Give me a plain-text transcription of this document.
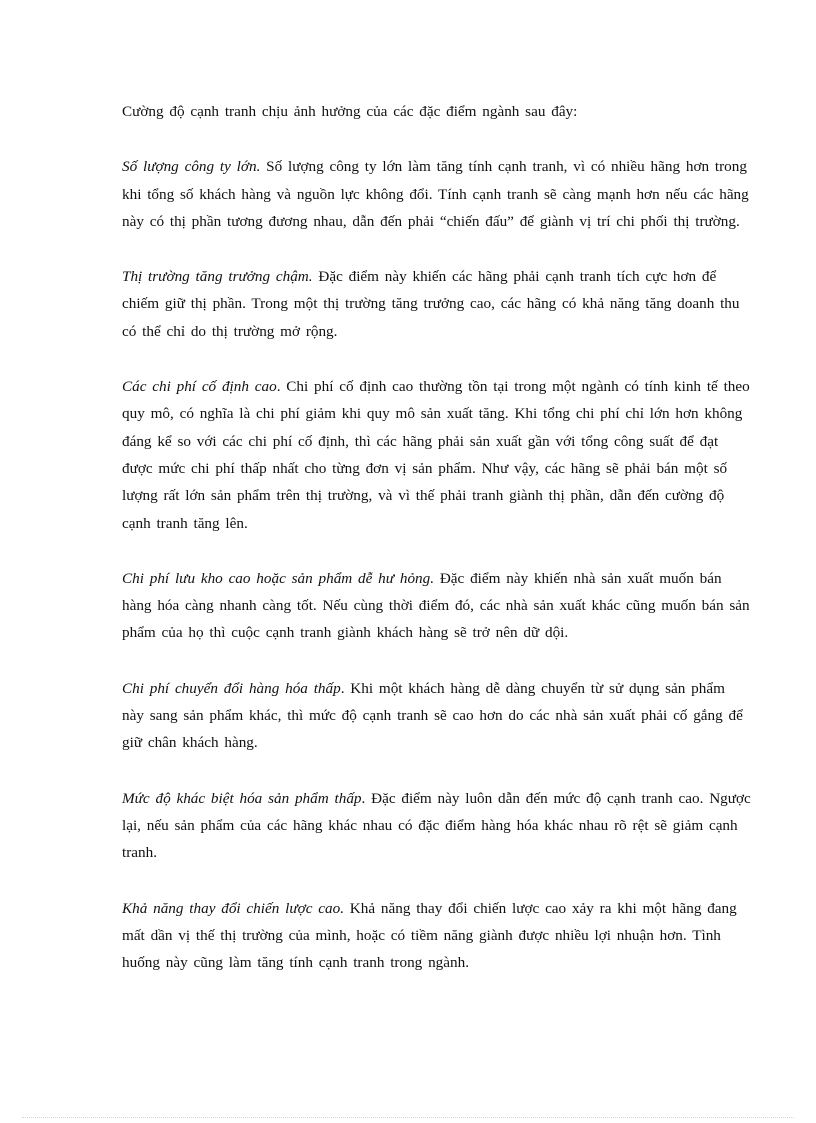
Cường độ cạnh tranh chịu ảnh hưởng của các đặc điểm ngành sau đây:

Số lượng công ty lớn. Số lượng công ty lớn làm tăng tính cạnh tranh, vì có nhiều hãng hơn trong khi tổng số khách hàng và nguồn lực không đổi. Tính cạnh tranh sẽ càng mạnh hơn nếu các hãng này có thị phần tương đương nhau, dẫn đến phải “chiến đấu” để giành vị trí chi phối thị trường.

Thị trường tăng trưởng chậm. Đặc điểm này khiến các hãng phải cạnh tranh tích cực hơn để chiếm giữ thị phần. Trong một thị trường tăng trưởng cao, các hãng có khả năng tăng doanh thu có thể chỉ do thị trường mở rộng.

Các chi phí cố định cao. Chi phí cố định cao thường tồn tại trong một ngành có tính kinh tế theo quy mô, có nghĩa là chi phí giảm khi quy mô sản xuất tăng. Khi tổng chi phí chỉ lớn hơn không đáng kể so với các chi phí cố định, thì các hãng phải sản xuất gần với tổng công suất để đạt được mức chi phí thấp nhất cho từng đơn vị sản phẩm. Như vậy, các hãng sẽ phải bán một số lượng rất lớn sản phẩm trên thị trường, và vì thế phải tranh giành thị phần, dẫn đến cường độ cạnh tranh tăng lên.

Chi phí lưu kho cao hoặc sản phẩm dễ hư hỏng. Đặc điểm này khiến nhà sản xuất muốn bán hàng hóa càng nhanh càng tốt. Nếu cùng thời điểm đó, các nhà sản xuất khác cũng muốn bán sản phẩm của họ thì cuộc cạnh tranh giành khách hàng sẽ trở nên dữ dội.

Chi phí chuyển đổi hàng hóa thấp. Khi một khách hàng dễ dàng chuyển từ sử dụng sản phẩm này sang sản phẩm khác, thì mức độ cạnh tranh sẽ cao hơn do các nhà sản xuất phải cố gắng để giữ chân khách hàng.

Mức độ khác biệt hóa sản phẩm thấp. Đặc điểm này luôn dẫn đến mức độ cạnh tranh cao. Ngược lại, nếu sản phẩm của các hãng khác nhau có đặc điểm hàng hóa khác nhau rõ rệt sẽ giảm cạnh tranh.

Khả năng thay đổi chiến lược cao. Khả năng thay đổi chiến lược cao xảy ra khi một hãng đang mất dần vị thế thị trường của mình, hoặc có tiềm năng giành được nhiều lợi nhuận hơn. Tình huống này cũng làm tăng tính cạnh tranh trong ngành.
